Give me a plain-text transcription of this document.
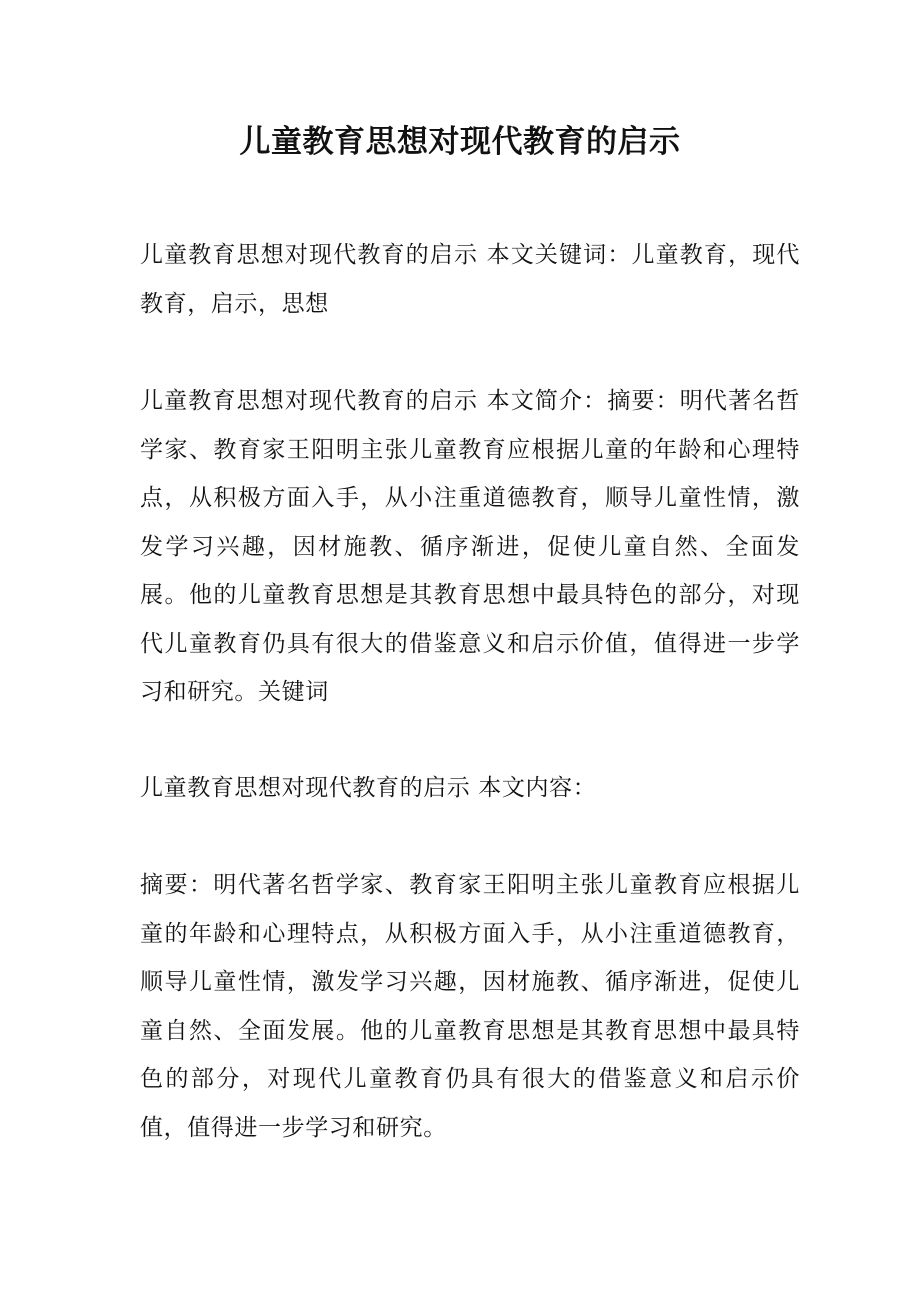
儿童教育思想对现代教育的启示

儿童教育思想对现代教育的启示 本文关键词：儿童教育，现代教育，启示，思想

儿童教育思想对现代教育的启示 本文简介：摘要：明代著名哲学家、教育家王阳明主张儿童教育应根据儿童的年龄和心理特点，从积极方面入手，从小注重道德教育，顺导儿童性情，激发学习兴趣，因材施教、循序渐进，促使儿童自然、全面发展。他的儿童教育思想是其教育思想中最具特色的部分，对现代儿童教育仍具有很大的借鉴意义和启示价值，值得进一步学习和研究。关键词

儿童教育思想对现代教育的启示 本文内容：

摘要：明代著名哲学家、教育家王阳明主张儿童教育应根据儿童的年龄和心理特点，从积极方面入手，从小注重道德教育，顺导儿童性情，激发学习兴趣，因材施教、循序渐进，促使儿童自然、全面发展。他的儿童教育思想是其教育思想中最具特色的部分，对现代儿童教育仍具有很大的借鉴意义和启示价值，值得进一步学习和研究。
